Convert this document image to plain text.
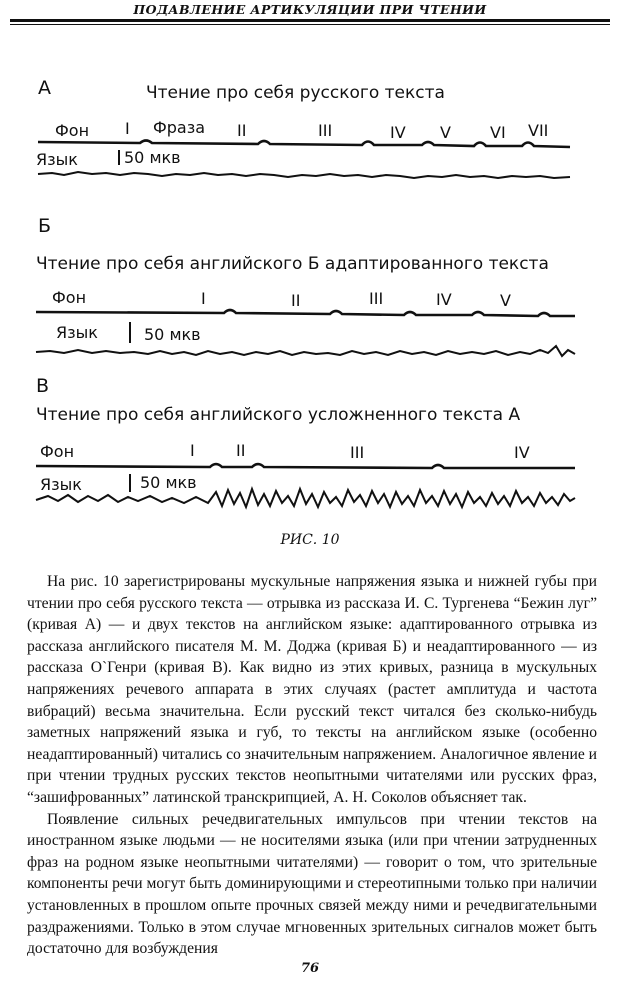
ПОДАВЛЕНИЕ АРТИКУЛЯЦИИ ПРИ ЧТЕНИИ
А	Чтение про себя русского текста
Фон	Фраза
I	II	III	IV V VI VII
Язык	50 мкв
Б
Чтение про себя английского Б адаптированного текста
Фон	I	II	III	IV	V
Язык	50 мкв
В
Чтение про себя английского усложненного текста А
Фон	I	II	III	IV
Язык	50 мкв
РИС. 10

На рис. 10 зарегистрированы мускульные напряжения языка и нижней губы при чтении про себя русского текста — отрывка из рассказа И. С. Тургенева “Бежин луг” (кривая А) — и двух текстов на английском языке: адаптированного отрывка из рассказа английского писателя М. М. Доджа (кривая Б) и неадаптированного — из рассказа О`Генри (кривая В). Как видно из этих кривых, разница в мускульных напряжениях речевого аппарата в этих случаях (растет амплитуда и частота вибраций) весьма значительна. Если русский текст читался без сколько-нибудь заметных напряжений языка и губ, то тексты на английском языке (особенно неадаптированный) читались со значительным напряжением. Аналогичное явление и при чтении трудных русских текстов неопытными читателями или русских фраз, “зашифрованных” латинской транскрипцией, А. Н. Соколов объясняет так.

Появление сильных речедвигательных импульсов при чтении текстов на иностранном языке людьми — не носителями языка (или при чтении затрудненных фраз на родном языке неопытными читателями) — говорит о том, что зрительные компоненты речи могут быть доминирующими и стереотипными только при наличии установленных в прошлом опыте прочных связей между ними и речедвигательными раздражениями. Только в этом случае мгновенных зрительных сигналов может быть достаточно для возбуждения

76
